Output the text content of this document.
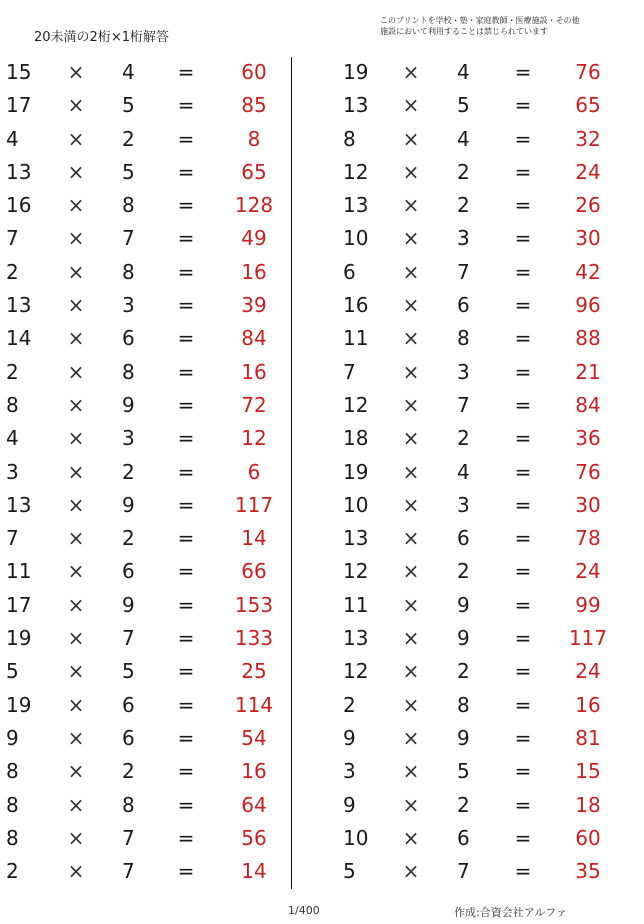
20未満の2桁×1桁解答
このプリントを学校・塾・家庭教師・医療施設・その他
施設において利用することは禁じられています
15	× 4	=	60
17	× 5	=	85
4	× 2	=	8
13	× 5	=	65
16	× 8	=	128
7	× 7	=	49
2	× 8	=	16
13	× 3	=	39
14	× 6	=	84
2	× 8	=	16
8	× 9	=	72
4	× 3	=	12
3	× 2	=	6
13	× 9	=	117
7	× 2	=	14
11	× 6	=	66
17	× 9	=	153
19	× 7	=	133
5	× 5	=	25
19	× 6	=	114
9	× 6	=	54
8	× 2	=	16
8	× 8	=	64
8	× 7	=	56
2	× 7	=	14
19	× 4	=	76
13	× 5	=	65
8	× 4	=	32
12	× 2	=	24
13	× 2	=	26
10	× 3	=	30
6	× 7	=	42
16	× 6	=	96
11	× 8	=	88
7	× 3	=	21
12	× 7	=	84
18	× 2	=	36
19	× 4	=	76
10	× 3	=	30
13	× 6	=	78
12	× 2	=	24
11	× 9	=	99
13	× 9	=	117
12	× 2	=	24
2	× 8	=	16
9	× 9	=	81
3	× 5	=	15
9	× 2	=	18
10	× 6	=	60
5	× 7	=	35
1/400	作成:合資会社アルファ
